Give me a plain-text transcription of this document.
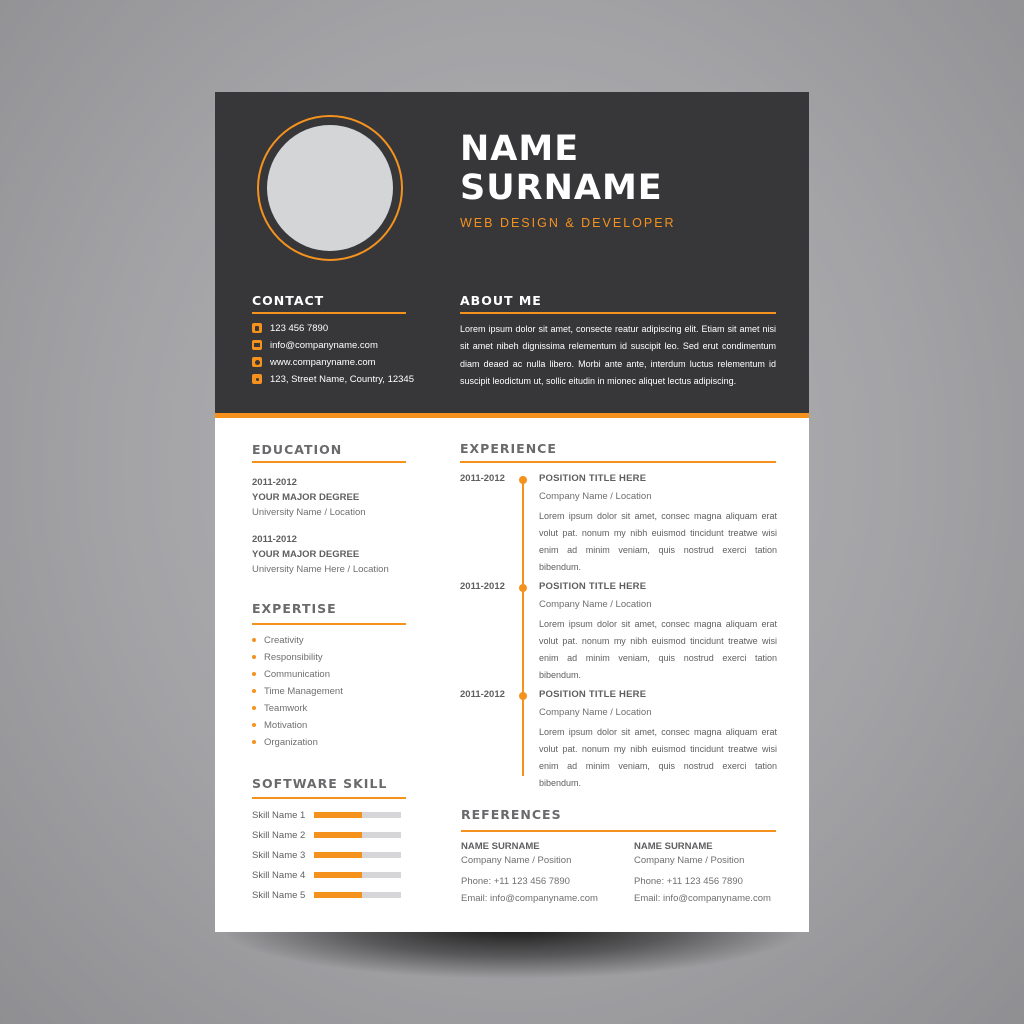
NAME
SURNAME
WEB DESIGN & DEVELOPER
CONTACT
123 456 7890
info@companyname.com
www.companyname.com
123, Street Name, Country, 12345
ABOUT ME
Lorem ipsum dolor sit amet, consecte reatur adipiscing elit. Etiam sit amet nisi sit amet nibeh dignissima relementum id suscipit leo. Sed erut condimentum diam deaed ac nulla libero. Morbi ante ante, interdum luctus relementum id suscipit leodictum ut, sollic eitudin in mionec aliquet lectus adipiscing.
EDUCATION
2011-2012
YOUR MAJOR DEGREE
University Name / Location
2011-2012
YOUR MAJOR DEGREE
University Name Here / Location
EXPERTISE
Creativity
Responsibility
Communication
Time Management
Teamwork
Motivation
Organization
SOFTWARE SKILL
Skill Name 1
Skill Name 2
Skill Name 3
Skill Name 4
Skill Name 5
EXPERIENCE
2011-2012	POSITION TITLE HERE
Company Name / Location
Lorem ipsum dolor sit amet, consec magna aliquam erat volut pat. nonum my nibh euismod tincidunt treatwe wisi enim ad minim veniam, quis nostrud exerci tation bibendum.
2011-2012	POSITION TITLE HERE
Company Name / Location
Lorem ipsum dolor sit amet, consec magna aliquam erat volut pat. nonum my nibh euismod tincidunt treatwe wisi enim ad minim veniam, quis nostrud exerci tation bibendum.
2011-2012	POSITION TITLE HERE
Company Name / Location
Lorem ipsum dolor sit amet, consec magna aliquam erat volut pat. nonum my nibh euismod tincidunt treatwe wisi enim ad minim veniam, quis nostrud exerci tation bibendum.
REFERENCES
NAME SURNAME
Company Name / Position
Phone: +11 123 456 7890
Email: info@companyname.com
NAME SURNAME
Company Name / Position
Phone: +11 123 456 7890
Email: info@companyname.com
